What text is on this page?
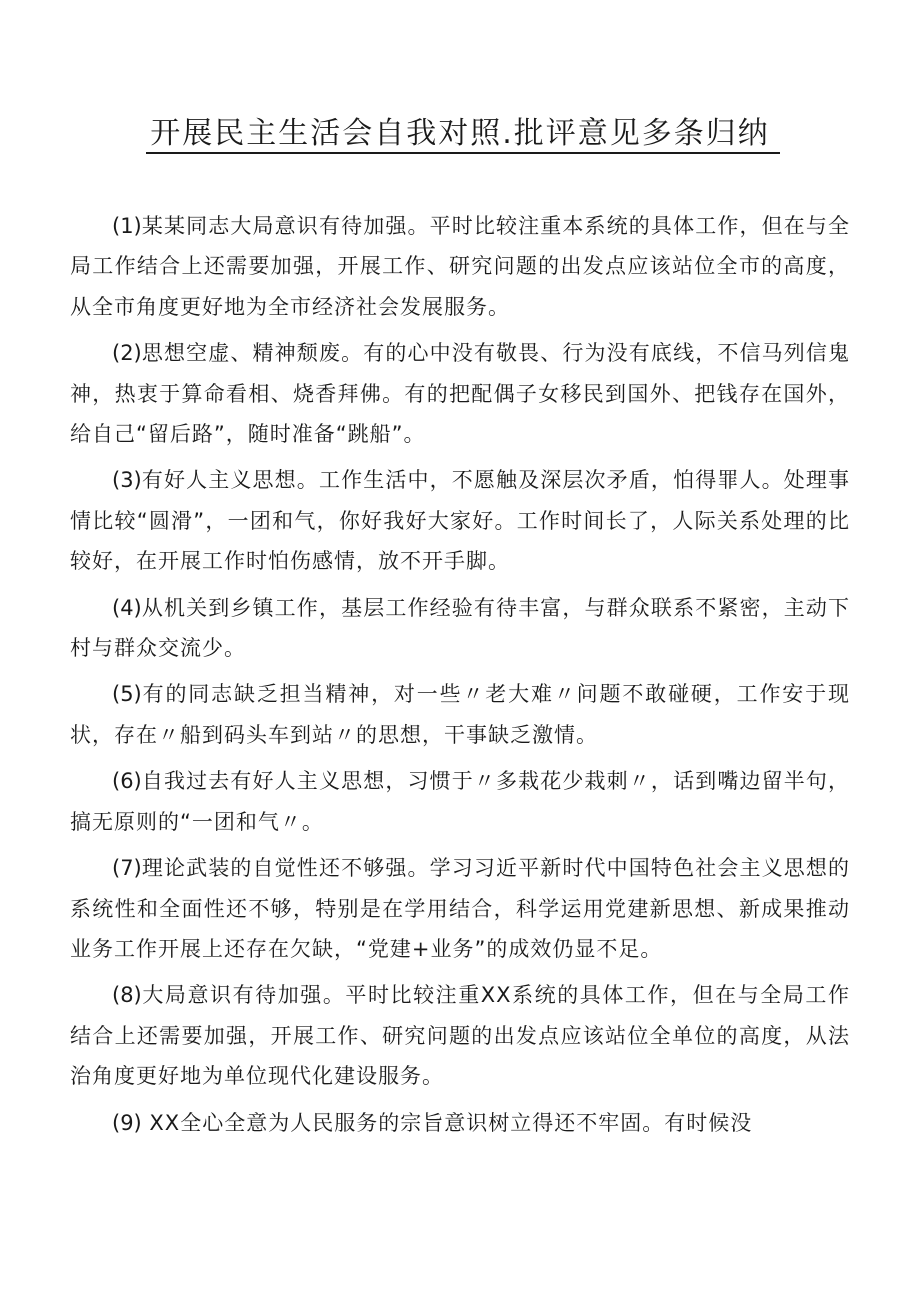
开展民主生活会自我对照.批评意见多条归纳

(1)某某同志大局意识有待加强。平时比较注重本系统的具体工作，但在与全局工作结合上还需要加强，开展工作、研究问题的出发点应该站位全市的高度，从全市角度更好地为全市经济社会发展服务。

(2)思想空虚、精神颓废。有的心中没有敬畏、行为没有底线，不信马列信鬼神，热衷于算命看相、烧香拜佛。有的把配偶子女移民到国外、把钱存在国外，给自己“留后路”，随时准备“跳船”。

(3)有好人主义思想。工作生活中，不愿触及深层次矛盾，怕得罪人。处理事情比较“圆滑”，一团和气，你好我好大家好。工作时间长了，人际关系处理的比较好，在开展工作时怕伤感情，放不开手脚。

(4)从机关到乡镇工作，基层工作经验有待丰富，与群众联系不紧密，主动下村与群众交流少。

(5)有的同志缺乏担当精神，对一些〃老大难〃问题不敢碰硬，工作安于现状，存在〃船到码头车到站〃的思想，干事缺乏激情。

(6)自我过去有好人主义思想，习惯于〃多栽花少栽刺〃，话到嘴边留半句，搞无原则的“一团和气〃。

(7)理论武装的自觉性还不够强。学习习近平新时代中国特色社会主义思想的系统性和全面性还不够，特别是在学用结合，科学运用党建新思想、新成果推动业务工作开展上还存在欠缺，“党建+业务”的成效仍显不足。

(8)大局意识有待加强。平时比较注重XX系统的具体工作，但在与全局工作结合上还需要加强，开展工作、研究问题的出发点应该站位全单位的高度，从法治角度更好地为单位现代化建设服务。

(9) XX全心全意为人民服务的宗旨意识树立得还不牢固。有时候没
